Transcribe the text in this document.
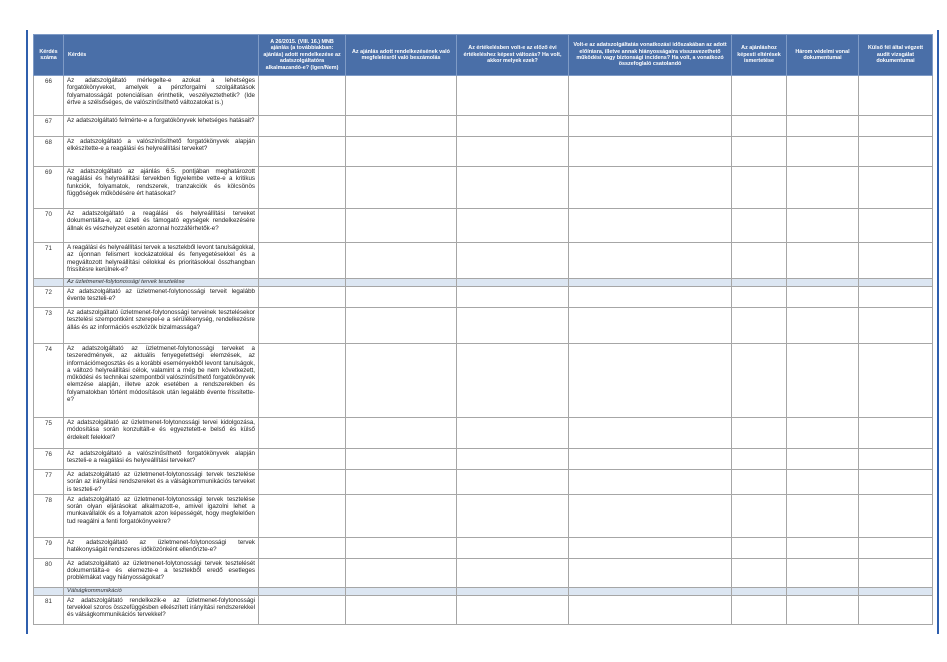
Kérdés száma	Kérdés	A 26/2015. (VIII. 16.) MNB ajánlás (a továbbiakban: ajánlás) adott rendelkezése az adatszolgáltatóra alkalmazandó-e? (Igen/Nem)	Az ajánlás adott rendelkezésének való megfelelésről való beszámolás	Az értékelésben volt-e az előző évi értékeléshez képest változás? Ha volt, akkor melyek ezek?	Volt-e az adatszolgáltatás vonatkozási időszakában az adott előírásra, illetve annak hiányosságaira visszavezethető működési vagy biztonsági incidens? Ha volt, a vonatkozó összefoglaló csatolandó	Az ajánláshoz képesti eltérések ismertetése	Három védelmi vonal dokumentumai	Külső fél által végzett audit vizsgálat dokumentumai
66	Az adatszolgáltató mérlegelte-e azokat a lehetséges forgatókönyveket, amelyek a pénzforgalmi szolgáltatások folyamatosságát potenciálisan érinthetik, veszélyeztethetik? (Ide értve a szélsőséges, de valószínűsíthető változatokat is.)							
67	Az adatszolgáltató felmérte-e a forgatókönyvek lehetséges hatásait?							
68	Az adatszolgáltató a valószínűsíthető forgatókönyvek alapján elkészítette-e a reagálási és helyreállítási terveket?							
69	Az adatszolgáltató az ajánlás 6.5. pontjában meghatározott reagálási és helyreállítási tervekben figyelembe vette-e a kritikus funkciók, folyamatok, rendszerek, tranzakciók és kölcsönös függőségek működésére ért hatásokat?							
70	Az adatszolgáltató a reagálási és helyreállítási terveket dokumentálta-e, az üzleti és támogató egységek rendelkezésére állnak és vészhelyzet esetén azonnal hozzáférhetők-e?							
71	A reagálási és helyreállítási tervek a tesztekből levont tanulságokkal, az újonnan felismert kockázatokkal és fenyegetésekkel és a megváltozott helyreállítási célokkal és prioritásokkal összhangban frissítésre kerülnek-e?							
	Az üzletmenet-folytonossági tervek tesztelése							
72	Az adatszolgáltató az üzletmenet-folytonossági terveit legalább évente teszteli-e?							
73	Az adatszolgáltató üzletmenet-folytonossági terveinek tesztelésekor tesztelési szempontként szerepel-e a sérülékenység, rendelkezésre állás és az információs eszközök bizalmassága?							
74	Az adatszolgáltató az üzletmenet-folytonossági terveket a teszeredmények, az aktuális fenyegetettségi elemzések, az információmegosztás és a korábbi eseményekből levont tanulságok, a változó helyreállítási célok, valamint a még be nem következett, működési és technikai szempontból valószínűsíthető forgatókönyvek elemzése alapján, illetve azok esetében a rendszerekben és folyamatokban történt módosítások után legalább évente frissítette-e?							
75	Az adatszolgáltató az üzletmenet-folytonossági tervei kidolgozása, módosítása során konzultált-e és egyeztetett-e belső és külső érdekelt felekkel?							
76	Az adatszolgáltató a valószínűsíthető forgatókönyvek alapján teszteli-e a reagálási és helyreállítási terveket?							
77	Az adatszolgáltató az üzletmenet-folytonossági tervek tesztelése során az irányítási rendszereket és a válságkommunikációs terveket is teszteli-e?							
78	Az adatszolgáltató az üzletmenet-folytonossági tervek tesztelése során olyan eljárásokat alkalmazott-e, amivel igazolni lehet a munkavállalók és a folyamatok azon képességét, hogy megfelelően tud reagálni a fenti forgatókönyvekre?							
79	Az adatszolgáltató az üzletmenet-folytonossági tervek hatékonyságát rendszeres időközönként ellenőrizte-e?							
80	Az adatszolgáltató az üzletmenet-folytonossági tervek tesztelését dokumentálta-e és elemezte-e a tesztekből eredő esetleges problémákat vagy hiányosságokat?							
	Válságkommunikáció							
81	Az adatszolgáltató rendelkezik-e az üzletmenet-folytonossági tervekkel szoros összefüggésben elkészített irányítási rendszerekkel és válságkommunikációs tervekkel?							
